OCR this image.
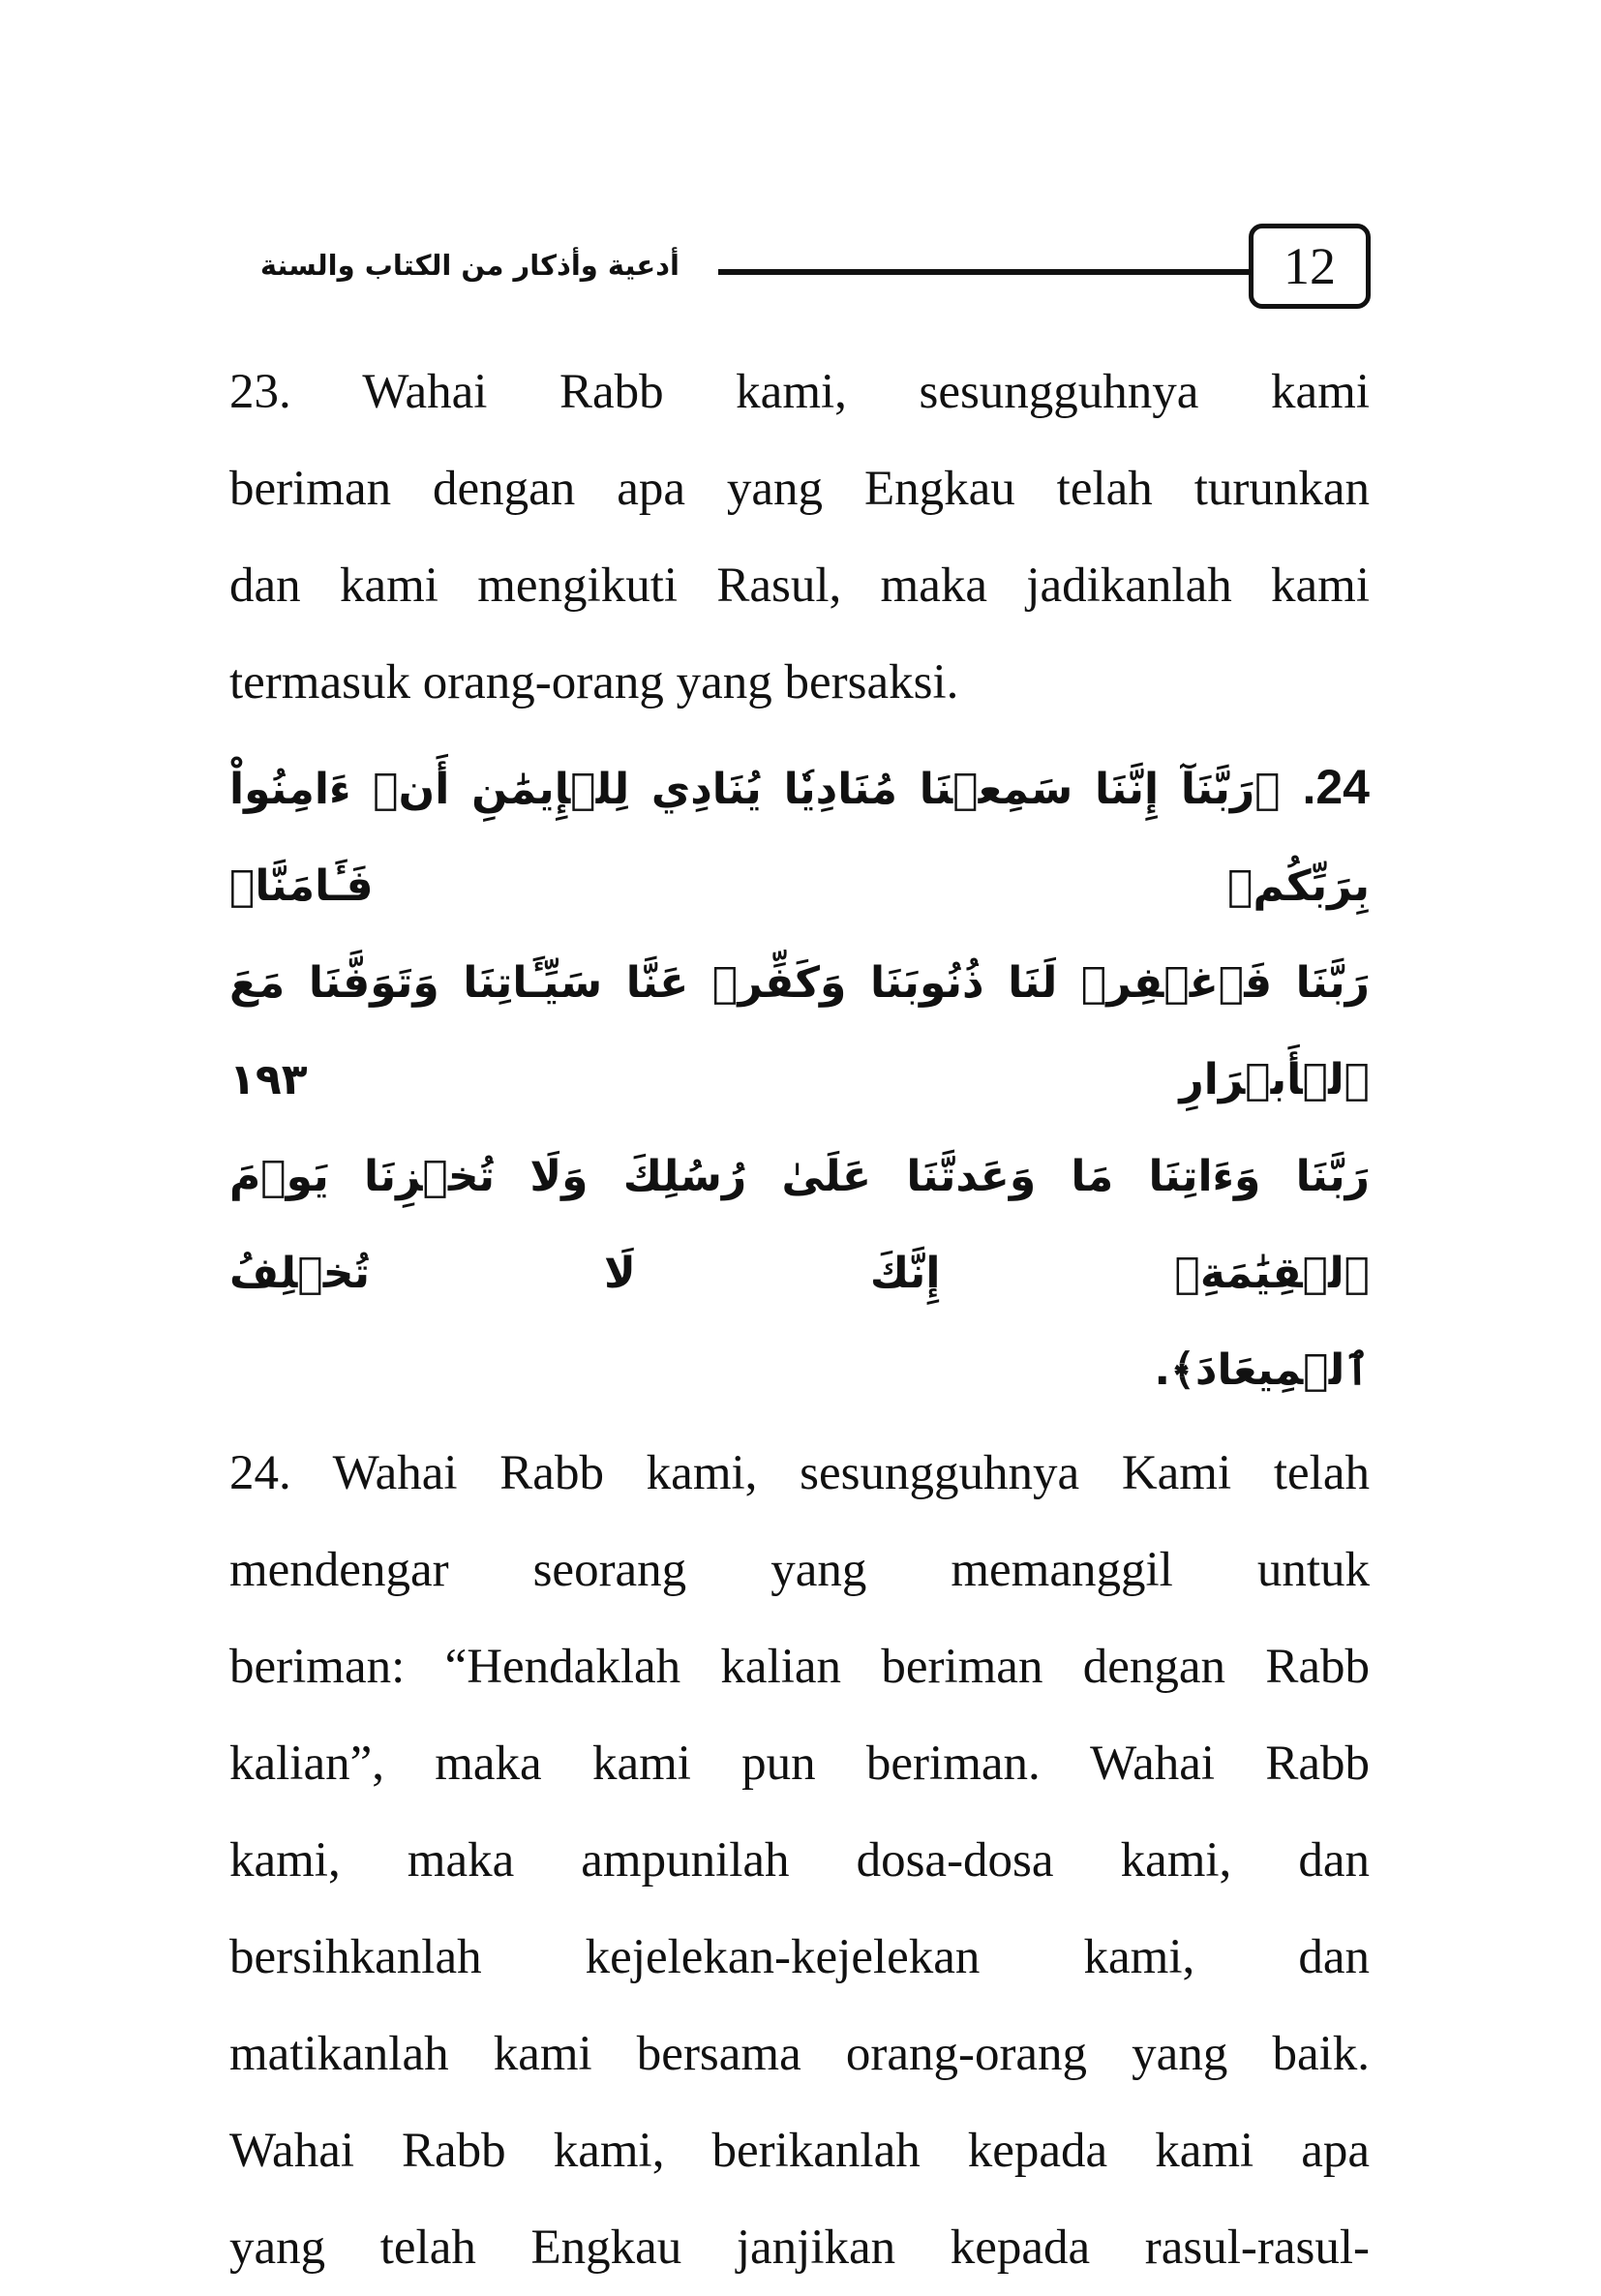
أدعية وأذكار من الكتاب والسنة	12

23. Wahai Rabb kami, sesungguhnya kami

beriman dengan apa yang Engkau telah turunkan

dan kami mengikuti Rasul, maka jadikanlah kami

termasuk orang-orang yang bersaksi.

24. ﴿رَبَّنَآ إِنَّنَا سَمِعۡنَا مُنَادِيٗا يُنَادِي لِلۡإِيمَٰنِ أَنۡ ءَامِنُواْ بِرَبِّكُمۡ فَـَٔامَنَّاۚ

رَبَّنَا فَٱغۡفِرۡ لَنَا ذُنُوبَنَا وَكَفِّرۡ عَنَّا سَيِّـَٔاتِنَا وَتَوَفَّنَا مَعَ ٱلۡأَبۡرَارِ ١٩٣

رَبَّنَا وَءَاتِنَا مَا وَعَدتَّنَا عَلَىٰ رُسُلِكَ وَلَا تُخۡزِنَا يَوۡمَ ٱلۡقِيَٰمَةِۗ إِنَّكَ لَا تُخۡلِفُ

ٱلۡمِيعَادَ﴾.

24. Wahai Rabb kami, sesungguhnya Kami telah

mendengar seorang yang memanggil untuk

beriman: “Hendaklah kalian beriman dengan Rabb

kalian”, maka kami pun beriman. Wahai Rabb

kami, maka ampunilah dosa-dosa kami, dan

bersihkanlah kejelekan-kejelekan kami, dan

matikanlah kami bersama orang-orang yang baik.

Wahai Rabb kami, berikanlah kepada kami apa

yang telah Engkau janjikan kepada rasul-rasul-
